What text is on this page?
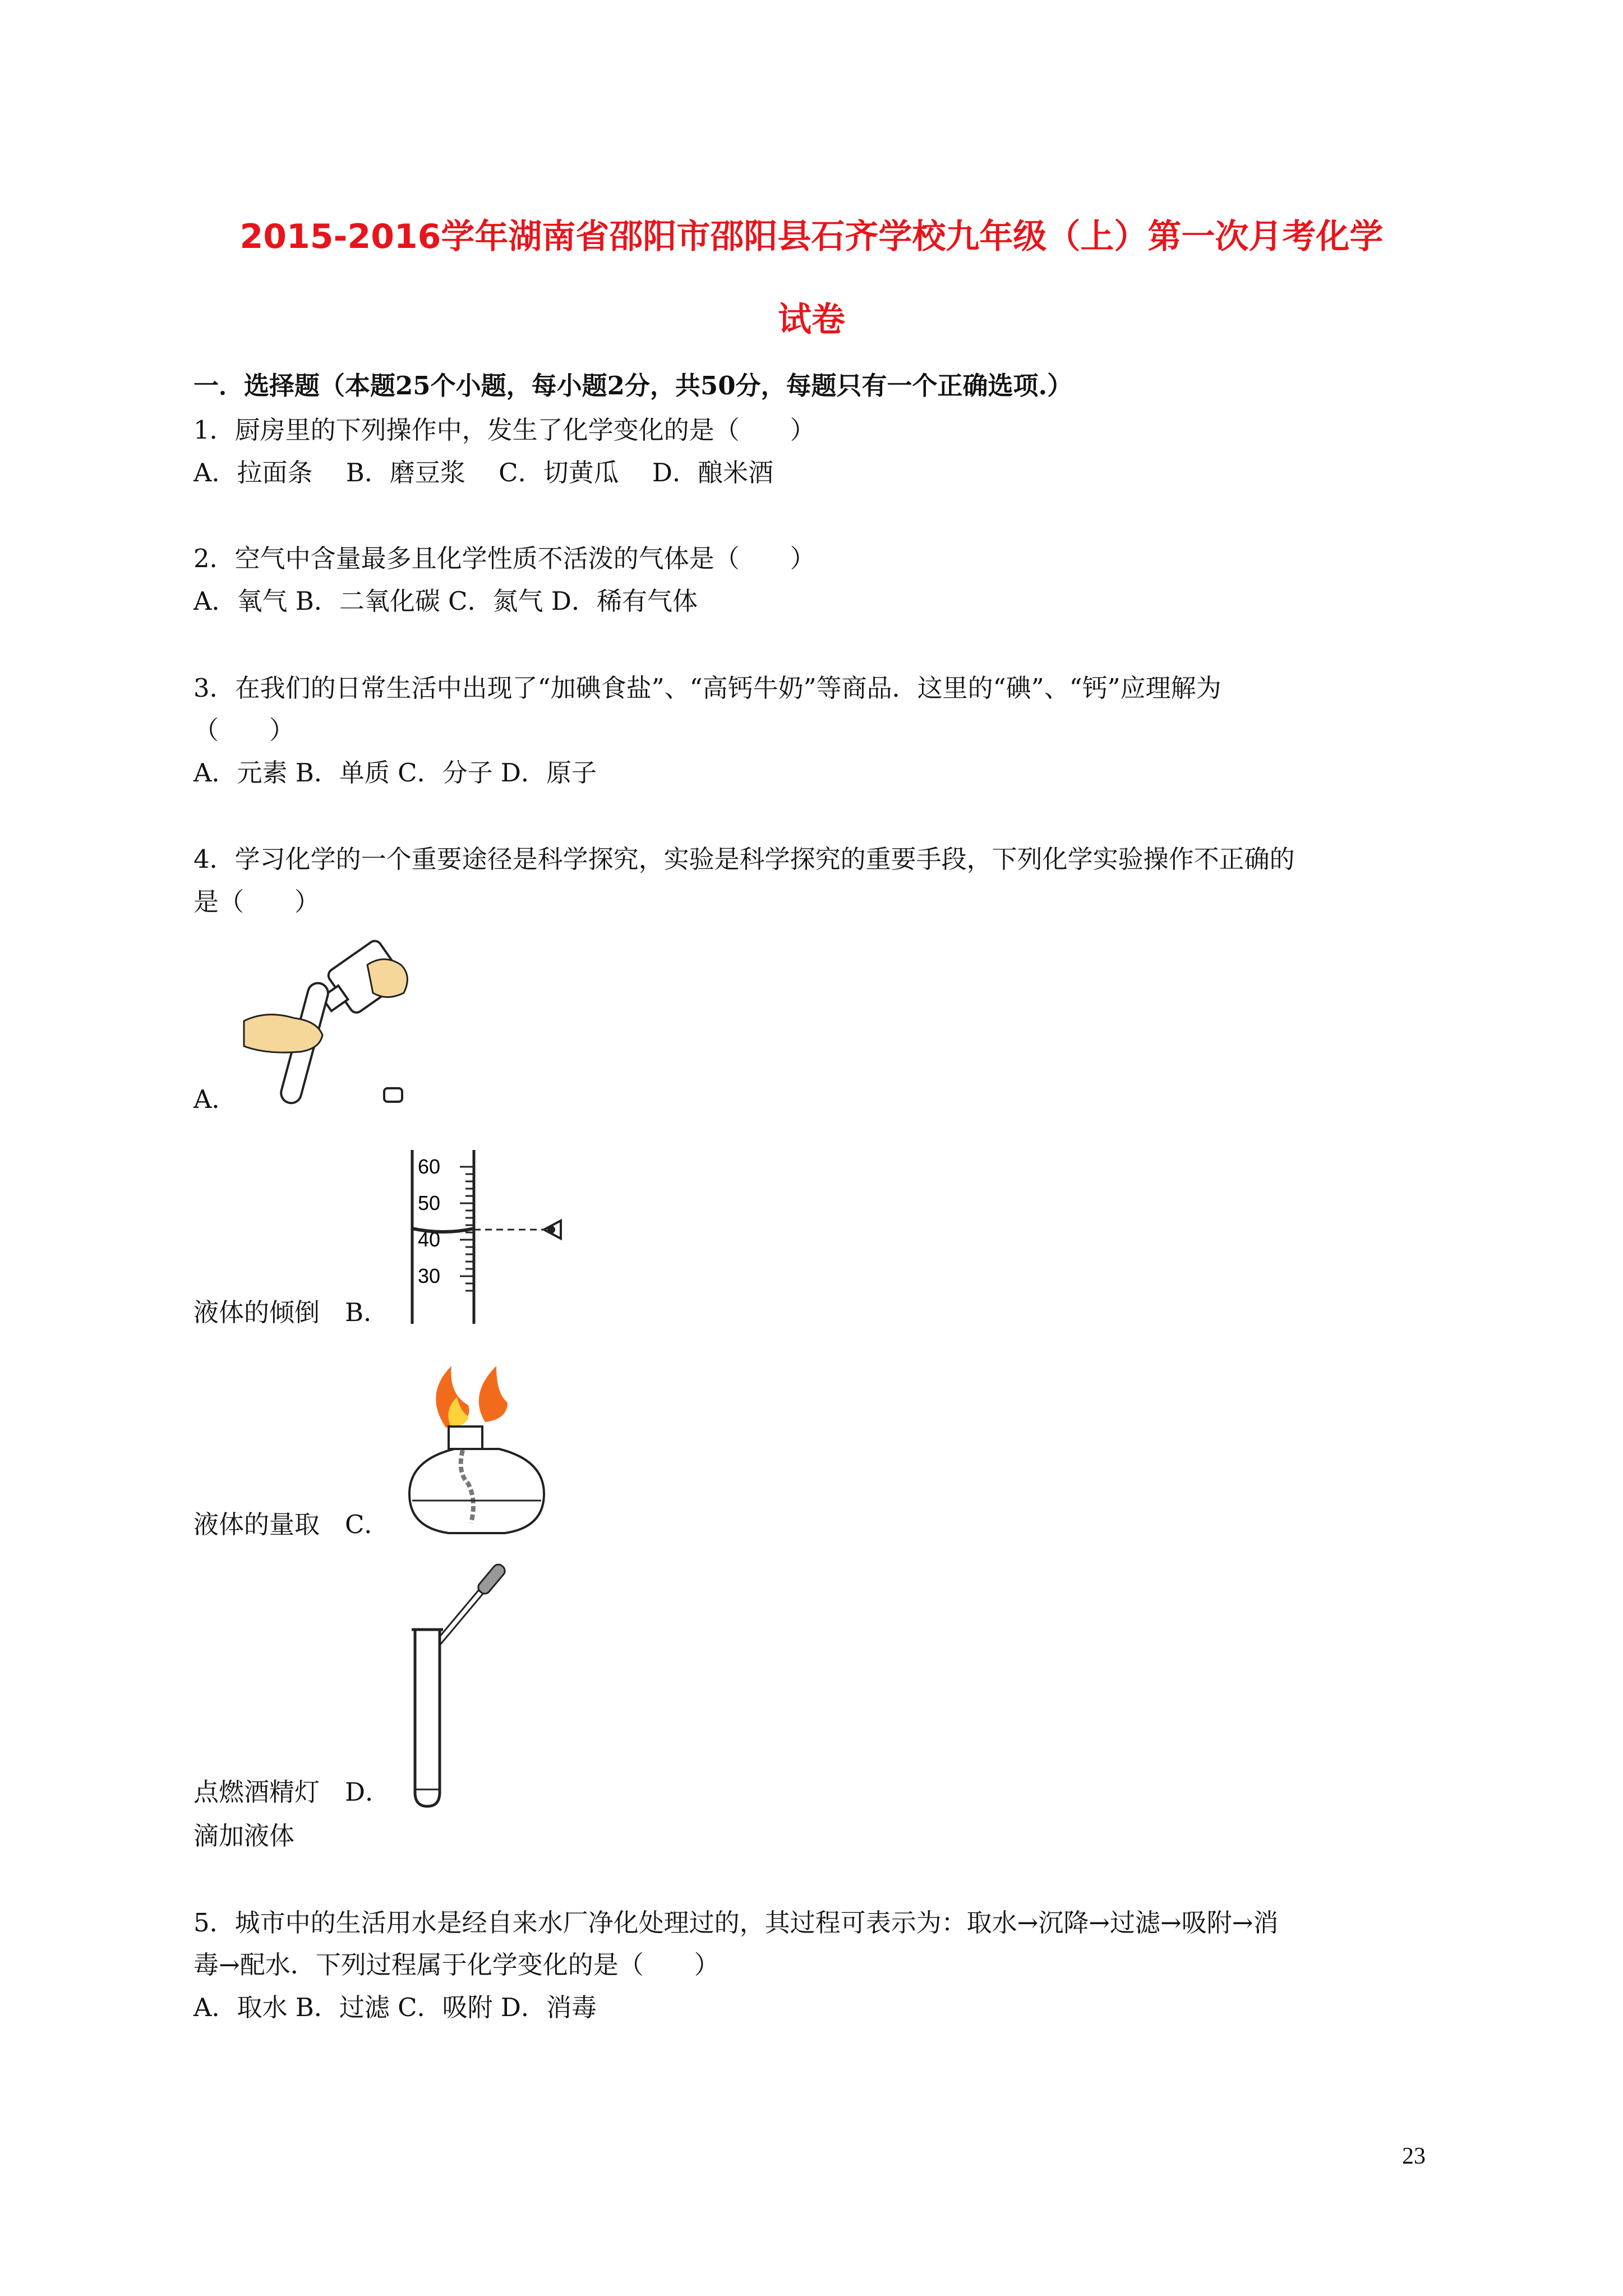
2015-2016学年湖南省邵阳市邵阳县石齐学校九年级（上）第一次月考化学
试卷
一．选择题（本题25个小题，每小题2分，共50分，每题只有一个正确选项.）
1．厨房里的下列操作中，发生了化学变化的是（　　）
A．拉面条　 B．磨豆浆　 C．切黄瓜　 D．酿米酒
2．空气中含量最多且化学性质不活泼的气体是（　　）
A．氧气 B．二氧化碳 C．氮气 D．稀有气体
3．在我们的日常生活中出现了“加碘食盐”、“高钙牛奶”等商品．这里的“碘”、“钙”应理解为
（　　）
A．元素 B．单质 C．分子 D．原子
4．学习化学的一个重要途径是科学探究，实验是科学探究的重要手段，下列化学实验操作不正确的
是（　　）
A．
60
50
40
30
液体的倾倒　B．
液体的量取　C．
点燃酒精灯　D．
滴加液体
5．城市中的生活用水是经自来水厂净化处理过的，其过程可表示为：取水→沉降→过滤→吸附→消
毒→配水．下列过程属于化学变化的是（　　）
A．取水 B．过滤 C．吸附 D．消毒
23
